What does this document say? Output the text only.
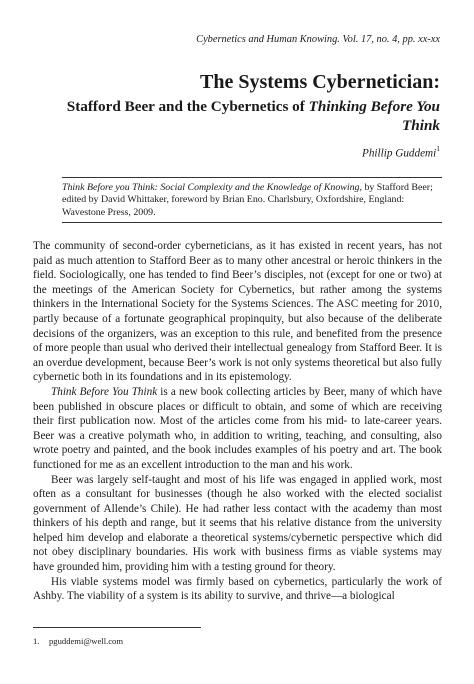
Cybernetics and Human Knowing. Vol. 17, no. 4, pp. xx-xx
The Systems Cybernetician:
Stafford Beer and the Cybernetics of Thinking Before You Think
Phillip Guddemi$^1$
Think Before you Think: Social Complexity and the Knowledge of Knowing, by Stafford Beer; edited by David Whittaker, foreword by Brian Eno. Charlsbury, Oxfordshire, England: Wavestone Press, 2009.

The community of second-order cyberneticians, as it has existed in recent years, has not paid as much attention to Stafford Beer as to many other ancestral or heroic thinkers in the field. Sociologically, one has tended to find Beer’s disciples, not (except for one or two) at the meetings of the American Society for Cybernetics, but rather among the systems thinkers in the International Society for the Systems Sciences. The ASC meeting for 2010, partly because of a fortunate geographical propinquity, but also because of the deliberate decisions of the organizers, was an exception to this rule, and benefited from the presence of more people than usual who derived their intellectual genealogy from Stafford Beer. It is an overdue development, because Beer’s work is not only systems theoretical but also fully cybernetic both in its foundations and in its epistemology.

Think Before You Think is a new book collecting articles by Beer, many of which have been published in obscure places or difficult to obtain, and some of which are receiving their first publication now. Most of the articles come from his mid- to late-career years. Beer was a creative polymath who, in addition to writing, teaching, and consulting, also wrote poetry and painted, and the book includes examples of his poetry and art. The book functioned for me as an excellent introduction to the man and his work.

Beer was largely self-taught and most of his life was engaged in applied work, most often as a consultant for businesses (though he also worked with the elected socialist government of Allende’s Chile). He had rather less contact with the academy than most thinkers of his depth and range, but it seems that his relative distance from the university helped him develop and elaborate a theoretical systems/cybernetic perspective which did not obey disciplinary boundaries. His work with business firms as viable systems may have grounded him, providing him with a testing ground for theory.

His viable systems model was firmly based on cybernetics, particularly the work of Ashby. The viability of a system is its ability to survive, and thrive—a biological

1. pguddemi@well.com
